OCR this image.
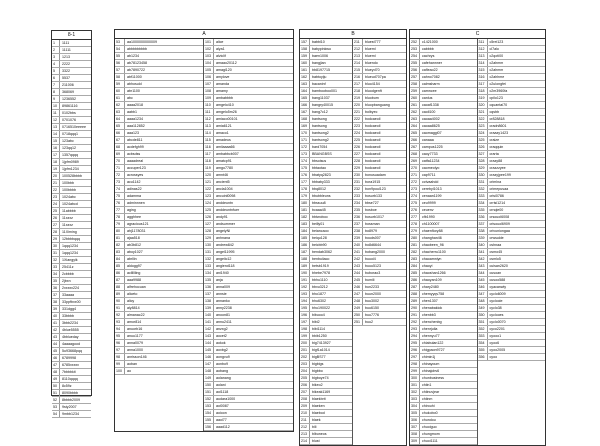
8-1
1	1111
2	11111
3	1213
4	2222
5	3322
6	5537
7	211006
8	368069
9	1236552
10	89861116
11	0102bbs
12	0701076
13	0716510eeeee
14	0718qqq1
15	123abc
16	123qq12
17	1357qqqq
18	1jpfm0989
19	1jpfm1234
20	100528bbbb
21	100bbb
22	100bbbb
23	1024abc
24	1024abcd
25	11abbbb
26	11xzxz
27	11xzxz
28	11Ximing
29	12bbbbqqq
30	1qqq1234
31	1qqq1234
32	1Xiangyik
33	25411z
34	2cbbbb
35	2jbxn
36	2xxxxx224
37	33aaaa
38	33ppfbxx00
39	331dgg4
40	33bbbb
41	3bbb2234
42	4blue5555
43	4bblueday
44	4aaaagood
45	5u93668pqq
46	6789998
47	6785xxxxx
48	7bbbbkit
49	8110qqqq
50	8c59z
51	8090bbbb
52	8bbbb2009
53	9sty2007
54	9mbb1234
A
53	aa1000000000009
54	abbbbbbbbb
55	ab1234
56	ab78123458
57	ab7890722
58	abf11000
59	abhosuld
60	abr1100
61	abc
62	aaaa2018
63	aabb1
64	aaaa1234
65	aaa112852
66	aaa123
67	abcde811
68	acdefgh99
69	acbsdss
70	aaaadreal
71	accuper123
72	acrossyes
73	acu1142
74	adinas22
75	adamma
76	adminnnen
77	aging
78	agghhee
79	agracious121
80	ahj1178031
81	ajaa518
82	ab3b812
83	aboy1027
84	abrllin
85	aldogg97
86	aclllllling
87	aaa9988
88	alfrehocuan
89	aliceto
90	alicy
91	aly8814
92	almanac22
93	amor814
94	anuorb16
95	anuu1177
96	anna0079
97	anna1000
98	anrisson146
99	aoban
100	ao
101	alice
102	alya1
103	alviclif
104	amaao20112
105	amagi120
106	amylove
107	amanda
108	amamy
109	ambabbbb
110	amgelo410
111	amgelo5m26
112	amiaco00101
113	amia6121
114	amaco1
115	amadeus
116	amiiaaaa66
117	ambabbcb007
118	amatcp91
119	amgo7780
120	amnt46
121	ancient5
122	ancla1004
123	ancuinl0098
124	anddeuntn
125	anddeuntnfuer
126	andy91
127	andsummer
128	angelyNI
129	anhnana
130	andrew842
131	angel11995
132	angelic12
133	angiend118
134	ani1940
135	anja
136	anna009
137	annsie
138	annanko
139	anny2238
140	anoon81
141	annu2411
142	anzxg2
143	aocet2
144	aokok
145	aoxbg2
146	aongvu9
147	aonbo9
148	aobang
149	aolanang
150	aolani
151	aol1118
152	audara1000
153	aol0087
154	aoioon
155	aaol77
156	aaad112
B
157	babbl10
158	babypinkwo
159	baen1006
160	bangjian
161	bb8197715
162	babtoyiju
163	bacaninf
164	bambooboo001
165	bang11037
166	bangry40015
167	bang7c12
168	bantsong
169	bantsong
170	bantsong2
171	bantsong2
172	bard7054
173	BBANGBSS
174	bbsoisus
175	bbtaotao
176	bbatyq2823
177	bbbaby333
178	bbq8012
179	bbubbleuns
180	bbssuu8
181	bcaaa45
182	bbtwoboo
183	beilly01
184	beiancaoo
185	beiqu128
186	beicbb90
187	bendab3062
188	benbuiiaco
189	betsb1919
190	bhebe7978
191	bbhu1110
192	bbxu3212
193	bho1877
194	bhu6302
195	bhu190022
196	bibuoo4
197	bibi2
198	bibi1114
199	bbib1250
200	big7413927
201	bigf1a1014
202	bigBS77
203	bigbigs
204	bigbbo
205	bigboye74
206	bikeo2
207	bikeak1169
208	blaekbrit
209	blaeken
210	blaebod
211	blaek
212	bili
213	blbuneos
214	blust
211	bluest777
212	blueml
213	blueml
214	bluendo
215	blueyd70
216	blueud707pa
217	bluo4154
218	bluodgenft
219	bluobum
220	bluopbanguang
221	bolbyec
222	bodcaeoil
223	bodcaeoil
224	bodcaeoil
225	bodcaeoil
226	bodcaeoil
227	bodcaeoil
228	bodcaeoil
229	bodcaeoil
230	bonusuadam
231	bora1915
232	bon9poul123
233	bosurb133
234	bbse727
235	bosboe
236	bosurb1017
237	bossman
238	bo8979
239	bouds007
240	bo8d6644
241	bobang2000
242	buuoi4
243	buuu5123
244	buborao3
245	bumili
246	bun2233
247	buun2000
248	buu3002
249	buu6150
250	buu7776
251	buu2
C
252	c1421000
253	cabbbb
254	cachrys
255	cafehannner
256	cafleao22
257	cahno7082
258	calmsharm
259	camncee
260	canlus
261	caoaf1338
262	caoli100
263	caoaa4002
264	caoaa8625
265	caomaggi07
266	canaaa
267	campus1225
268	caoy7733
269	catfa11234
270	caomeolyo
271	cap9711
272	cctvaahdd
273	cerebyl1013
274	cenaan1199
275	ceu9999
276	ceuenv
277	cfb1990
278	ch1100007
279	chaenflory88
280	changhan46
281	chaobeen_96
282	chacherru1100
283	chaoamniyn
284	chaoyi
285	chaoshan1266
286	chaoyan109
287	chary2480
288	chemyyqv758
289	chen1307
290	chenabakiok
291	chenbb3
292	chenchenbg
293	chenrjulia
294	chennyu77
295	chiabulan122
296	chigpaon9727
297	chimin1j
298	chinayoum
299	chinajobv6
300	chunbusiness
301	chiin1
302	chiinuvjear
303	chiinm
304	chirouhi
305	chukobo0
306	chundou
307	chuoiguo
308	chungmom
309	chuoi1111
311	c5rei123
312	cl7alo
313	c2qoti00
314	c2ahmm
315	c2ahmm
316	c2ahhme
317	c2ulongfei
318	c2m3960fa
319	cpilo123
320	cquantai70
321	cqsbb
322	cr828818
323	cradn8601
324	craazy1423
325	craize
326	craqquin
327	crarta
328	crazy88
329	crazzzyee
330	crazyjpee199
331	crimlna
332	crimepusaa
333	crisi0786
334	crrisi1214
335	crnqle00
336	crsouol6008
337	crisouol6909
338	crivuniongaa
339	crwsulde
340	cshnaa
341	csmo45
342	csmlo5
343	cuisan2620
344	cusoan
345	cusoo588
346	cyacanwly
347	cyclo6009
348	cyclooie
349	cyclo38
350	cyclooes
351	cyclo0070
352	cyco2201
353	cyooo1
354	cyoo6
355	cyoo2005
356	cyoo
